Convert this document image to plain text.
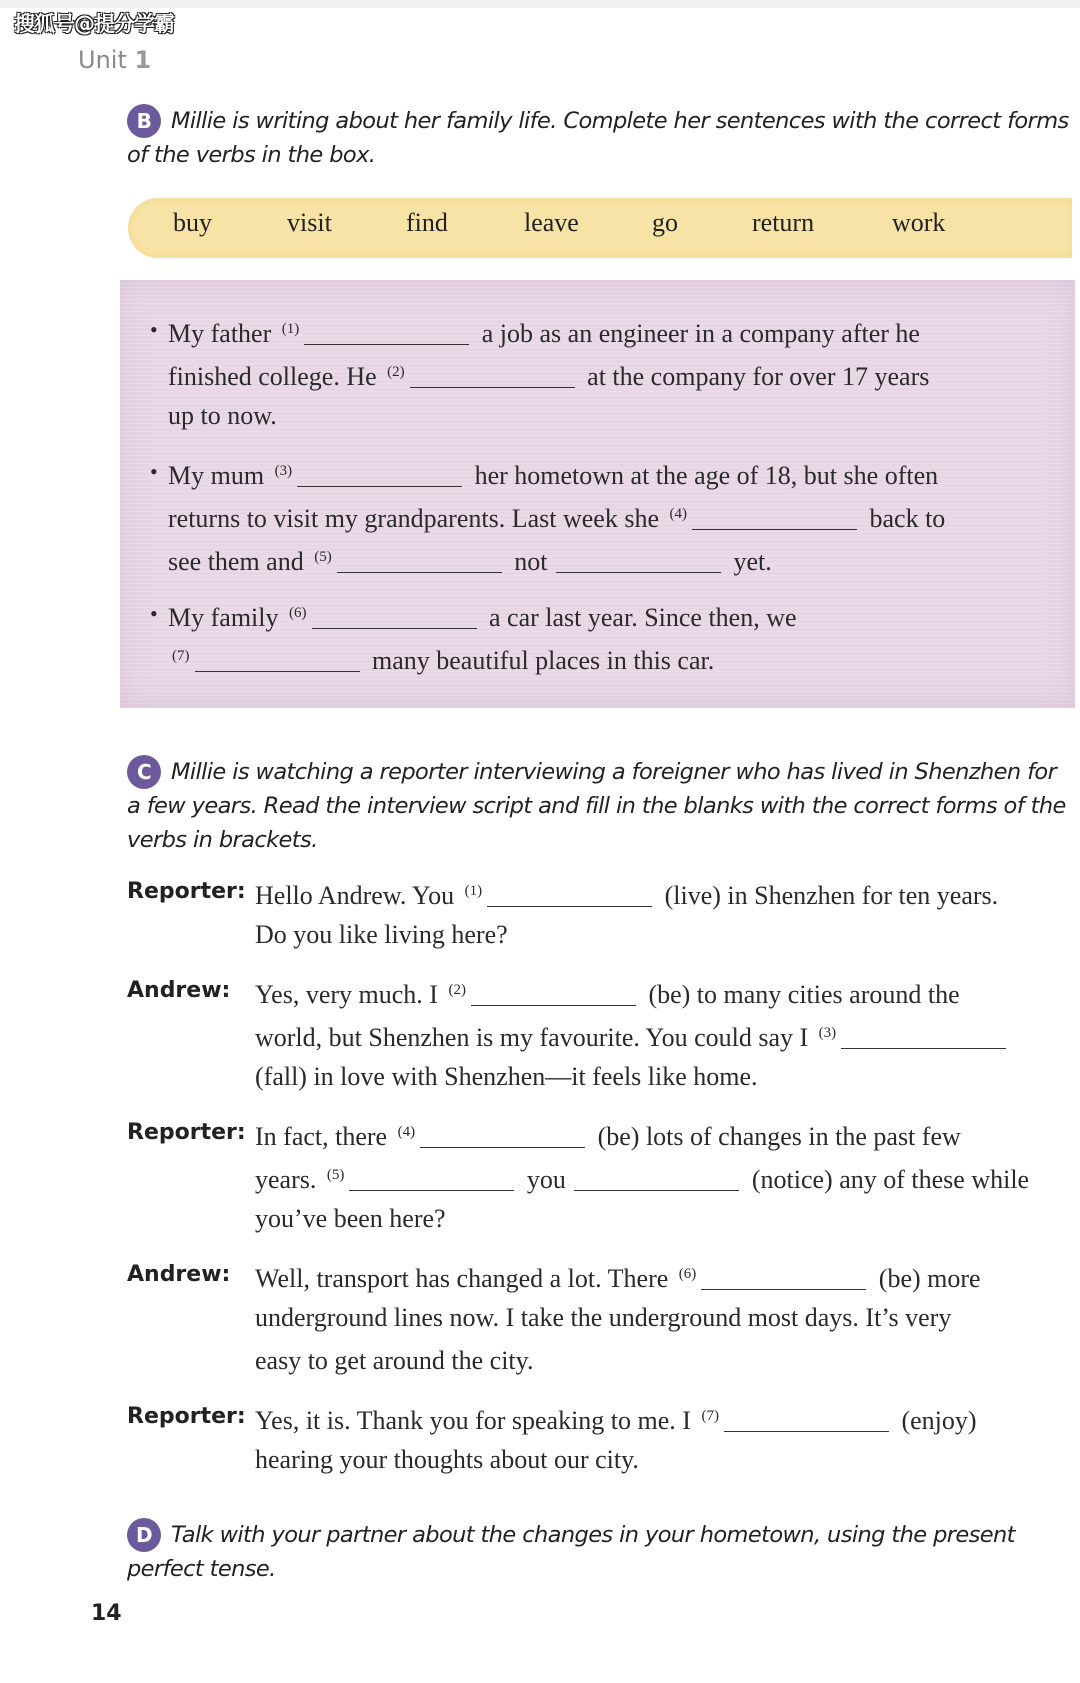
搜狐号@提分学霸
Unit 1
B Millie is writing about her family life. Complete her sentences with the correct forms of the verbs in the box.
buy	visit	find	leave	go	return	work
• My father $^{(1)}$	a job as an engineer in a company after he
finished college. He $^{(2)}$	at the company for over 17 years
up to now.
• My mum $^{(3)}$	her hometown at the age of 18, but she often
returns to visit my grandparents. Last week she $^{(4)}$	back to
see them and $^{(5)}$	not	yet.
• My family $^{(6)}$	a car last year. Since then, we
$^{(7)}$	many beautiful places in this car.
C Millie is watching a reporter interviewing a foreigner who has lived in Shenzhen for a few years. Read the interview script and fill in the blanks with the correct forms of the verbs in brackets.
Reporter: Hello Andrew. You $^{(1)}$	(live) in Shenzhen for ten years.
Do you like living here?
Andrew: Yes, very much. I $^{(2)}$	(be) to many cities around the
world, but Shenzhen is my favourite. You could say I $^{(3)}$
(fall) in love with Shenzhen—it feels like home.
Reporter: In fact, there $^{(4)}$	(be) lots of changes in the past few
years. $^{(5)}$	you	(notice) any of these while
you’ve been here?
Andrew: Well, transport has changed a lot. There $^{(6)}$	(be) more
underground lines now. I take the underground most days. It’s very
easy to get around the city.
Reporter: Yes, it is. Thank you for speaking to me. I $^{(7)}$	(enjoy)
hearing your thoughts about our city.
D Talk with your partner about the changes in your hometown, using the present perfect tense.
14
